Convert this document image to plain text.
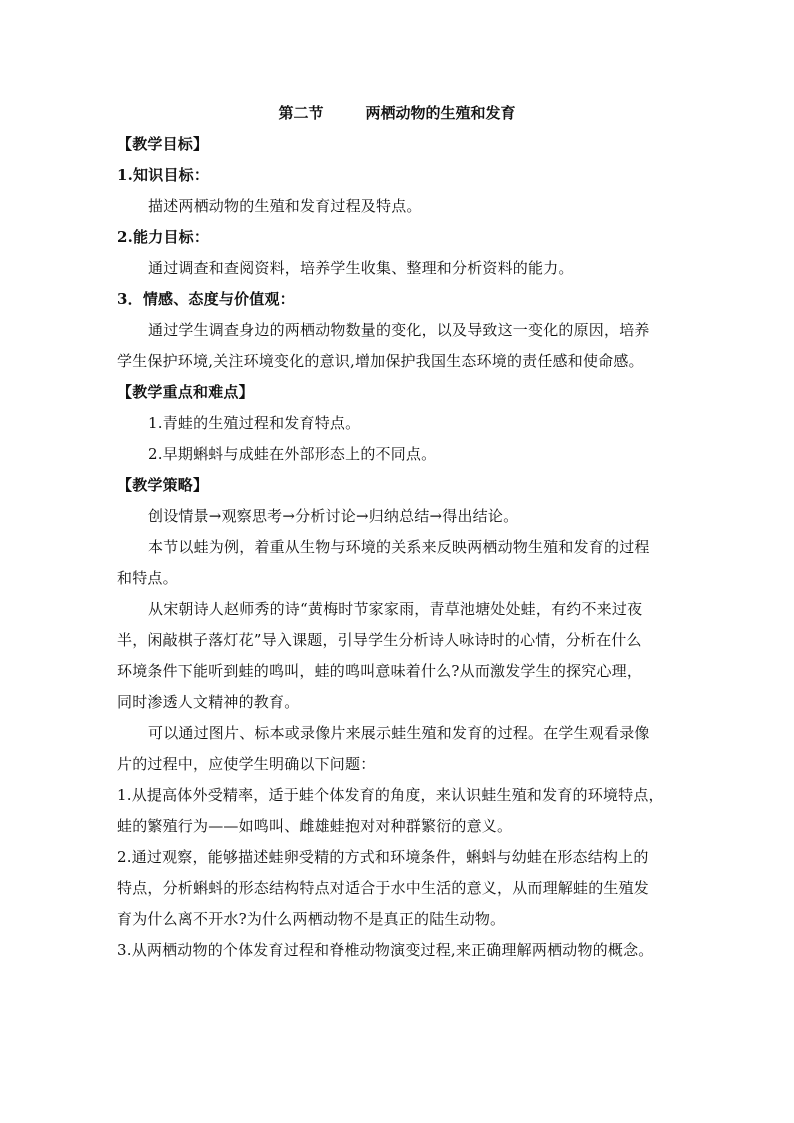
第二节	两栖动物的生殖和发育
【教学目标】
1.知识目标：
描述两栖动物的生殖和发育过程及特点。
2.能力目标：
通过调查和查阅资料，培养学生收集、整理和分析资料的能力。
3．情感、态度与价值观：
通过学生调查身边的两栖动物数量的变化，以及导致这一变化的原因，培养
学生保护环境,关注环境变化的意识,增加保护我国生态环境的责任感和使命感。
【教学重点和难点】
1.青蛙的生殖过程和发育特点。
2.早期蝌蚪与成蛙在外部形态上的不同点。
【教学策略】
创设情景→观察思考→分析讨论→归纳总结→得出结论。
本节以蛙为例，着重从生物与环境的关系来反映两栖动物生殖和发育的过程
和特点。
从宋朝诗人赵师秀的诗“黄梅时节家家雨，青草池塘处处蛙，有约不来过夜
半，闲敲棋子落灯花”导入课题，引导学生分析诗人咏诗时的心情，分析在什么
环境条件下能听到蛙的鸣叫，蛙的鸣叫意味着什么?从而激发学生的探究心理，
同时渗透人文精神的教育。
可以通过图片、标本或录像片来展示蛙生殖和发育的过程。在学生观看录像
片的过程中，应使学生明确以下问题：
1.从提高体外受精率，适于蛙个体发育的角度，来认识蛙生殖和发育的环境特点，
蛙的繁殖行为——如鸣叫、雌雄蛙抱对对种群繁衍的意义。
2.通过观察，能够描述蛙卵受精的方式和环境条件，蝌蚪与幼蛙在形态结构上的
特点，分析蝌蚪的形态结构特点对适合于水中生活的意义，从而理解蛙的生殖发
育为什么离不开水?为什么两栖动物不是真正的陆生动物。
3.从两栖动物的个体发育过程和脊椎动物演变过程,来正确理解两栖动物的概念。
